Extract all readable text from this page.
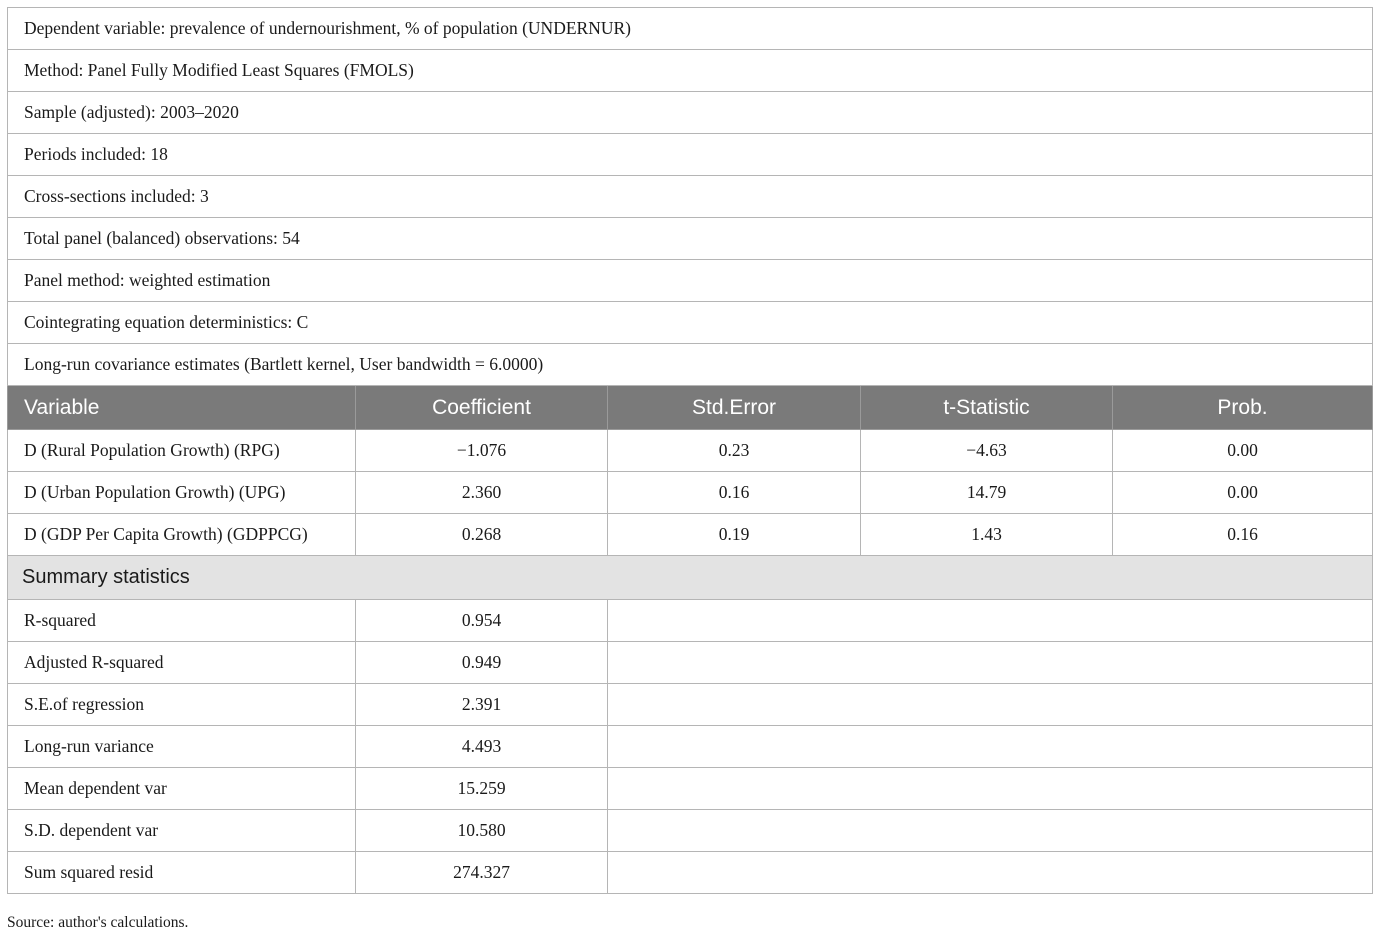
Dependent variable: prevalence of undernourishment, % of population (UNDERNUR)				
Method: Panel Fully Modified Least Squares (FMOLS)				
Sample (adjusted): 2003–2020				
Periods included: 18				
Cross-sections included: 3				
Total panel (balanced) observations: 54				
Panel method: weighted estimation				
Cointegrating equation deterministics: C				
Long-run covariance estimates (Bartlett kernel, User bandwidth = 6.0000)				
Variable	Coefficient	Std.Error	t-Statistic	Prob.
D (Rural Population Growth) (RPG)	−1.076	0.23	−4.63	0.00
D (Urban Population Growth) (UPG)	2.360	0.16	14.79	0.00
D (GDP Per Capita Growth) (GDPPCG)	0.268	0.19	1.43	0.16
Summary statistics				
R-squared	0.954			
Adjusted R-squared	0.949			
S.E.of regression	2.391			
Long-run variance	4.493			
Mean dependent var	15.259			
S.D. dependent var	10.580			
Sum squared resid	274.327			
Source: author's calculations.
